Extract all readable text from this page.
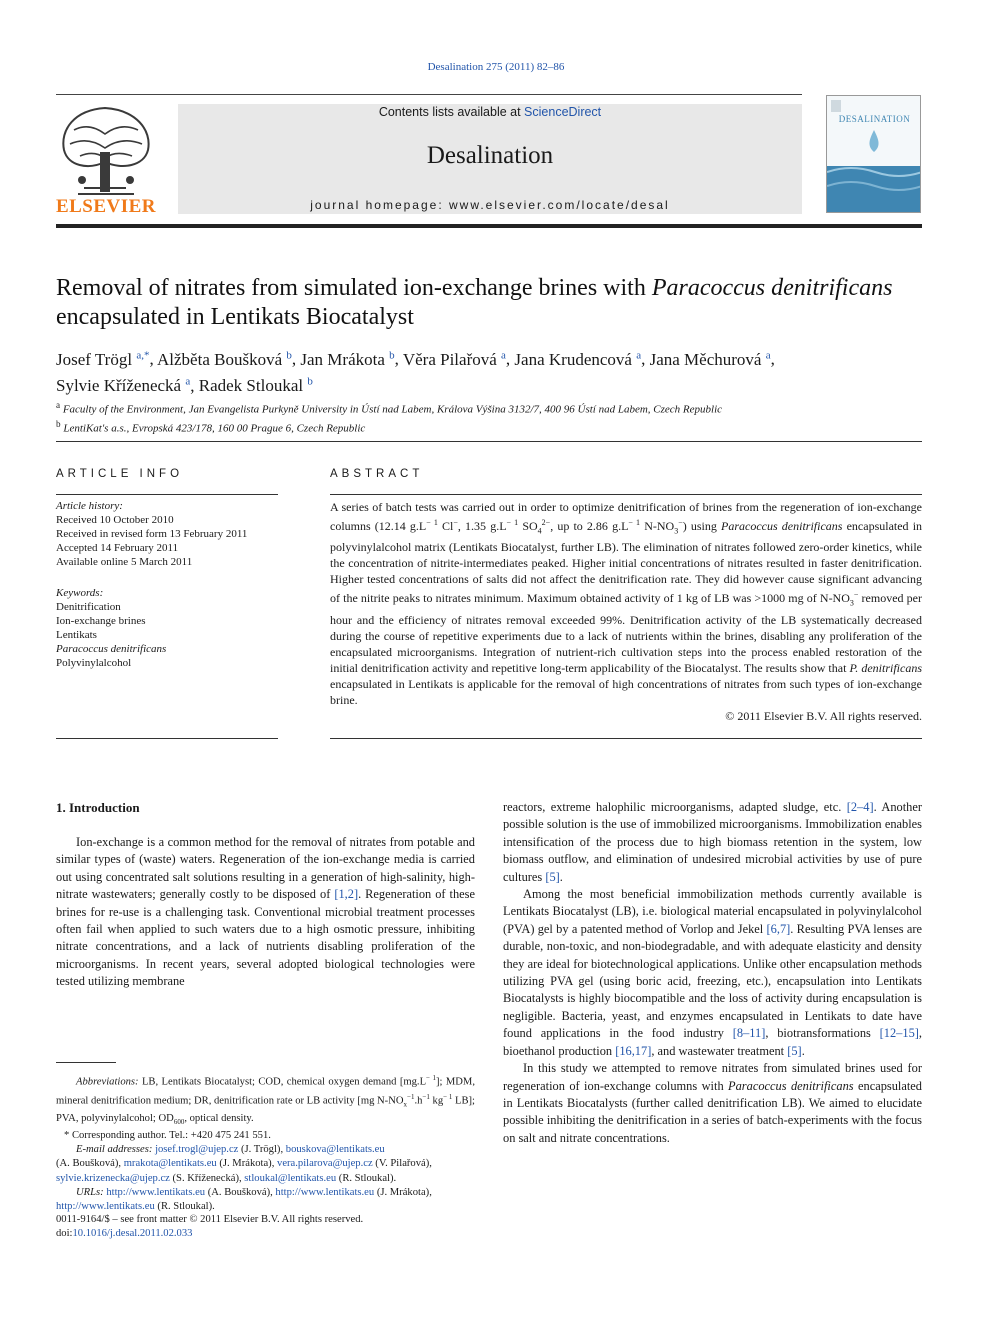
Desalination 275 (2011) 82–86
Contents lists available at ScienceDirect
Desalination
journal homepage: www.elsevier.com/locate/desal
ELSEVIER
DESALINATION
Removal of nitrates from simulated ion-exchange brines with Paracoccus denitrificans
encapsulated in Lentikats Biocatalyst
Josef Trögl $^{a,*}$, Alžběta Boušková $^b$, Jan Mrákota $^b$, Věra Pilařová $^a$, Jana Krudencová $^a$, Jana Měchurová $^a$,
Sylvie Kříženecká $^a$, Radek Stloukal $^b$
$^a$ Faculty of the Environment, Jan Evangelista Purkyně University in Ústí nad Labem, Králova Výšina 3132/7, 400 96 Ústí nad Labem, Czech Republic
$^b$ LentiKat's a.s., Evropská 423/178, 160 00 Prague 6, Czech Republic
ARTICLE INFO	ABSTRACT
Article history:
Received 10 October 2010
Received in revised form 13 February 2011
Accepted 14 February 2011
Available online 5 March 2011
Keywords:
Denitrification
Ion-exchange brines
Lentikats
Paracoccus denitrificans
Polyvinylalcohol
A series of batch tests was carried out in order to optimize denitrification of brines from the regeneration of ion-exchange columns (12.14 $g.L^{- 1}$ Cl−, 1.35 $g.L^{- 1}$ $SO_4^{2-}$, up to 2.86 $g.L^{- 1}$ $N-NO_3^-$) using Paracoccus denitrificans encapsulated in polyvinylalcohol matrix (Lentikats Biocatalyst, further LB). The elimination of nitrates followed zero-order kinetics, while the concentration of nitrite-intermediates peaked. Higher initial concentrations of nitrates resulted in faster denitrification. Higher tested concentrations of salts did not affect the denitrification rate. They did however cause significant advancing of the nitrite peaks to nitrates minimum. Maximum obtained activity of 1 kg of LB was >1000 mg of $N-NO_3^-$ removed per hour and the efficiency of nitrates removal exceeded 99%. Denitrification activity of the LB systematically decreased during the course of repetitive experiments due to a lack of nutrients within the brines, disabling any proliferation of the encapsulated microorganisms. Integration of nutrient-rich cultivation steps into the process enabled restoration of the initial denitrification activity and repetitive long-term applicability of the Biocatalyst. The results show that P. denitrificans encapsulated in Lentikats is applicable for the removal of high concentrations of nitrates from such types of ion-exchange brine.
© 2011 Elsevier B.V. All rights reserved.
1. Introduction

Ion-exchange is a common method for the removal of nitrates from potable and similar types of (waste) waters. Regeneration of the ion-exchange media is carried out using concentrated salt solutions resulting in a generation of high-salinity, high-nitrate wastewaters; generally costly to be disposed of [1,2]. Regeneration of these brines for re-use is a challenging task. Conventional microbial treatment processes often fail when applied to such waters due to a high osmotic pressure, inhibiting nitrate concentrations, and a lack of nutrients disabling proliferation of the microorganisms. In recent years, several adopted biological technologies were tested utilizing membrane

reactors, extreme halophilic microorganisms, adapted sludge, etc. [2–4]. Another possible solution is the use of immobilized microorganisms. Immobilization enables intensification of the process due to high biomass retention in the system, low biomass outflow, and elimination of undesired microbial activities by use of pure cultures [5].

Among the most beneficial immobilization methods currently available is Lentikats Biocatalyst (LB), i.e. biological material encapsulated in polyvinylalcohol (PVA) gel by a patented method of Vorlop and Jekel [6,7]. Resulting PVA lenses are durable, non-toxic, and non-biodegradable, and with adequate elasticity and density they are ideal for biotechnological applications. Unlike other encapsulation methods utilizing PVA gel (using boric acid, freezing, etc.), encapsulation into Lentikats Biocatalysts is highly biocompatible and the loss of activity during encapsulation is negligible. Bacteria, yeast, and enzymes encapsulated in Lentikats to date have found applications in the food industry [8–11], biotransformations [12–15], bioethanol production [16,17], and wastewater treatment [5].

In this study we attempted to remove nitrates from simulated brines used for regeneration of ion-exchange columns with Paracoccus denitrificans encapsulated in Lentikats Biocatalysts (further called denitrification LB). We aimed to elucidate possible inhibiting the denitrification in a series of batch-experiments with the focus on salt and nitrate concentrations.

Abbreviations: LB, Lentikats Biocatalyst; COD, chemical oxygen demand $[mg.L^{- 1}]$; MDM, mineral denitrification medium; DR, denitrification rate or LB activity [mg $N-NO_x^{-1}.h^{-1}$ $kg^{- 1}$ LB]; PVA, polyvinylalcohol; $OD_{600}$, optical density.
* Corresponding author. Tel.: +420 475 241 551.
E-mail addresses: josef.trogl@ujep.cz (J. Trögl), bouskova@lentikats.eu
(A. Boušková), mrakota@lentikats.eu (J. Mrákota), vera.pilarova@ujep.cz (V. Pilařová),
sylvie.krizenecka@ujep.cz (S. Kříženecká), stloukal@lentikats.eu (R. Stloukal).
URLs: http://www.lentikats.eu (A. Boušková), http://www.lentikats.eu (J. Mrákota),
http://www.lentikats.eu (R. Stloukal).
0011-9164/$ – see front matter © 2011 Elsevier B.V. All rights reserved.
doi:10.1016/j.desal.2011.02.033
